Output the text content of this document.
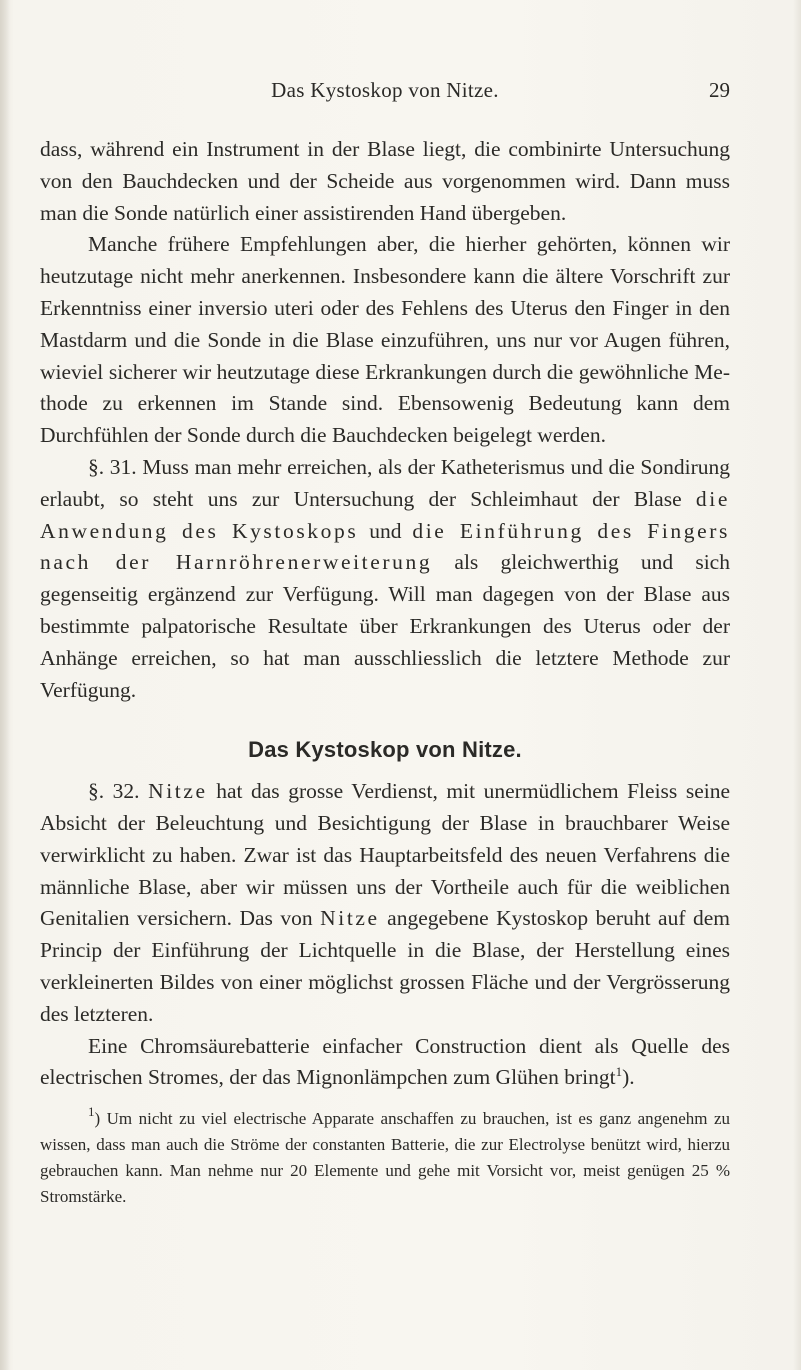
Das Kystoskop von Nitze.	29

dass, während ein Instrument in der Blase liegt, die combinirte Untersuchung von den Bauchdecken und der Scheide aus vorgenommen wird. Dann muss man die Sonde natürlich einer assistirenden Hand übergeben.

Manche frühere Empfehlungen aber, die hierher gehörten, können wir heutzutage nicht mehr anerkennen. Insbesondere kann die ältere Vorschrift zur Erkenntniss einer inversio uteri oder des Fehlens des Uterus den Finger in den Mastdarm und die Sonde in die Blase einzuführen, uns nur vor Augen führen, wieviel sicherer wir heutzutage diese Erkrankungen durch die gewöhnliche Methode zu erkennen im Stande sind. Ebensowenig Bedeutung kann dem Durchfühlen der Sonde durch die Bauchdecken beigelegt werden.

§. 31. Muss man mehr erreichen, als der Katheterismus und die Sondirung erlaubt, so steht uns zur Untersuchung der Schleimhaut der Blase die Anwendung des Kystoskops und die Einführung des Fingers nach der Harnröhrenerweiterung als gleichwerthig und sich gegenseitig ergänzend zur Verfügung. Will man dagegen von der Blase aus bestimmte palpatorische Resultate über Erkrankungen des Uterus oder der Anhänge erreichen, so hat man ausschliesslich die letztere Methode zur Verfügung.

Das Kystoskop von Nitze.

§. 32. Nitze hat das grosse Verdienst, mit unermüdlichem Fleiss seine Absicht der Beleuchtung und Besichtigung der Blase in brauchbarer Weise verwirklicht zu haben. Zwar ist das Hauptarbeitsfeld des neuen Verfahrens die männliche Blase, aber wir müssen uns der Vortheile auch für die weiblichen Genitalien versichern. Das von Nitze angegebene Kystoskop beruht auf dem Princip der Einführung der Lichtquelle in die Blase, der Herstellung eines verkleinerten Bildes von einer möglichst grossen Fläche und der Vergrösserung des letzteren.

Eine Chromsäurebatterie einfacher Construction dient als Quelle des electrischen Stromes, der das Mignonlämpchen zum Glühen bringt$^1$).

$^1$) Um nicht zu viel electrische Apparate anschaffen zu brauchen, ist es ganz angenehm zu wissen, dass man auch die Ströme der constanten Batterie, die zur Electrolyse benützt wird, hierzu gebrauchen kann. Man nehme nur 20 Elemente und gehe mit Vorsicht vor, meist genügen 25 % Stromstärke.
